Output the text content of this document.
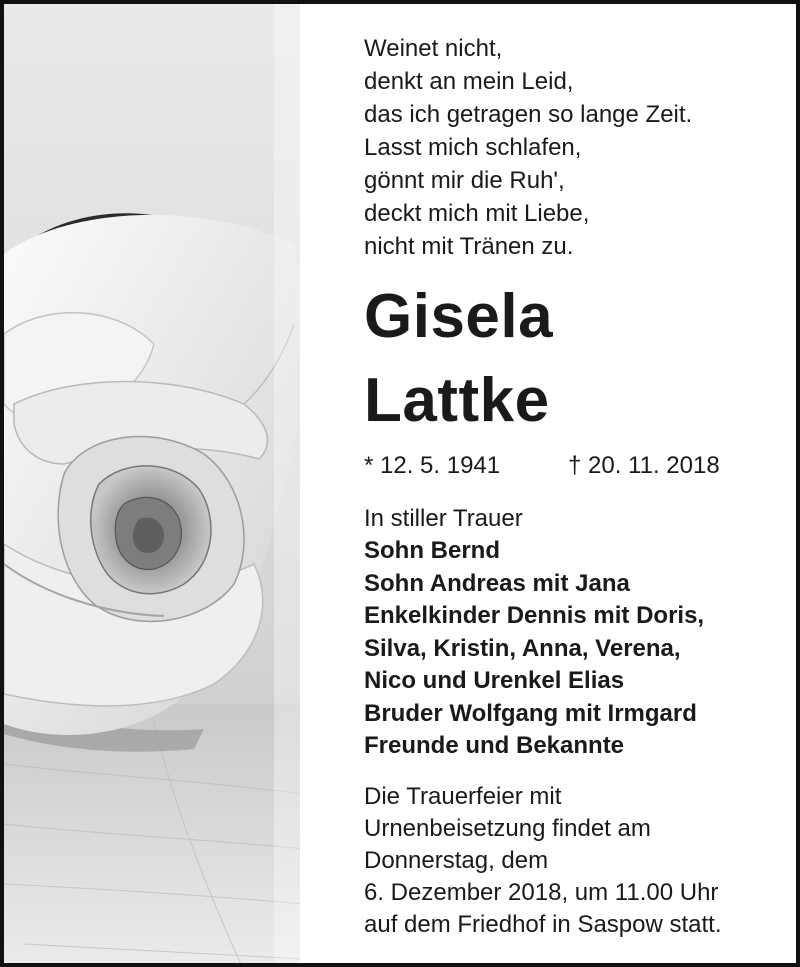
Weinet nicht,
denkt an mein Leid,
das ich getragen so lange Zeit.
Lasst mich schlafen,
gönnt mir die Ruh',
deckt mich mit Liebe,
nicht mit Tränen zu.
Gisela
Lattke
* 12. 5. 1941	† 20. 11. 2018
In stiller Trauer
Sohn Bernd
Sohn Andreas mit Jana
Enkelkinder Dennis mit Doris,
Silva, Kristin, Anna, Verena,
Nico und Urenkel Elias
Bruder Wolfgang mit Irmgard
Freunde und Bekannte
Die Trauerfeier mit
Urnenbeisetzung findet am
Donnerstag, dem
6. Dezember 2018, um 11.00 Uhr
auf dem Friedhof in Saspow statt.
